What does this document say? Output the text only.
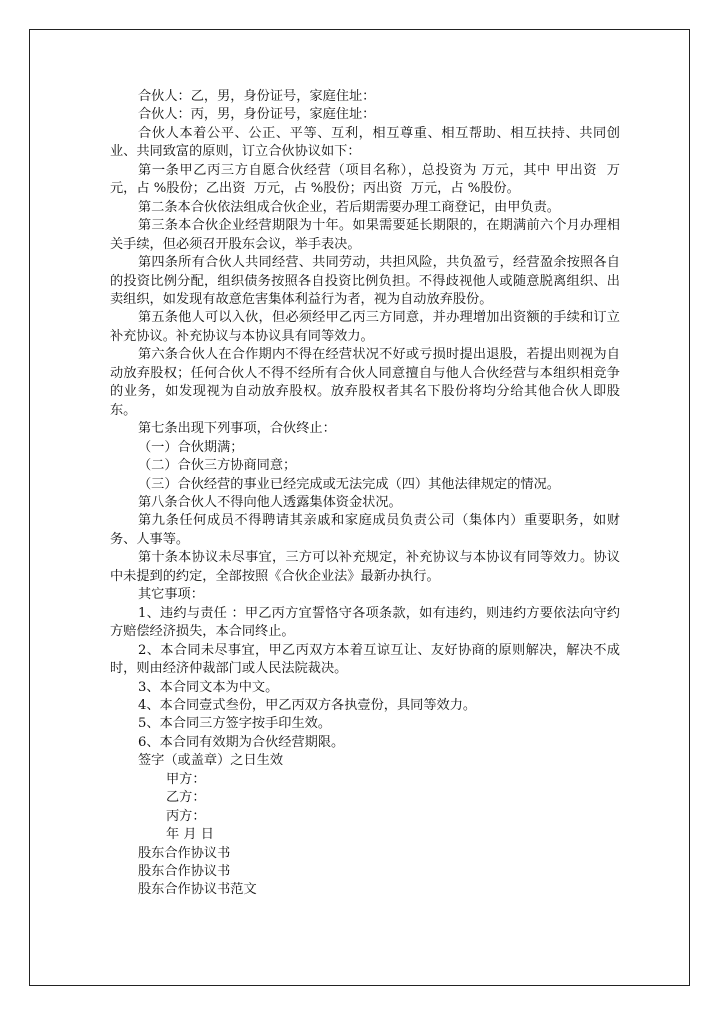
合伙人：乙，男，身份证号，家庭住址：

合伙人：丙，男，身份证号，家庭住址：

合伙人本着公平、公正、平等、互利，相互尊重、相互帮助、相互扶持、共同创业、共同致富的原则，订立合伙协议如下：

第一条甲乙丙三方自愿合伙经营（项目名称），总投资为 万元，其中 甲出资  万元，占 %股份；乙出资  万元，占 %股份；丙出资  万元，占 %股份。

第二条本合伙依法组成合伙企业，若后期需要办理工商登记，由甲负责。

第三条本合伙企业经营期限为十年。如果需要延长期限的，在期满前六个月办理相关手续，但必须召开股东会议，举手表决。

第四条所有合伙人共同经营、共同劳动，共担风险，共负盈亏，经营盈余按照各自的投资比例分配，组织债务按照各自投资比例负担。不得歧视他人或随意脱离组织、出卖组织，如发现有故意危害集体利益行为者，视为自动放弃股份。

第五条他人可以入伙，但必须经甲乙丙三方同意，并办理增加出资额的手续和订立补充协议。补充协议与本协议具有同等效力。

第六条合伙人在合作期内不得在经营状况不好或亏损时提出退股，若提出则视为自动放弃股权；任何合伙人不得不经所有合伙人同意擅自与他人合伙经营与本组织相竞争的业务，如发现视为自动放弃股权。放弃股权者其名下股份将均分给其他合伙人即股东。

第七条出现下列事项，合伙终止：

（一）合伙期满；

（二）合伙三方协商同意；

（三）合伙经营的事业已经完成或无法完成（四）其他法律规定的情况。

第八条合伙人不得向他人透露集体资金状况。

第九条任何成员不得聘请其亲戚和家庭成员负责公司（集体内）重要职务，如财务、人事等。

第十条本协议未尽事宜，三方可以补充规定，补充协议与本协议有同等效力。协议中未提到的约定，全部按照《合伙企业法》最新办执行。

其它事项：

1、违约与责任 ：甲乙丙方宜誓恪守各项条款，如有违约，则违约方要依法向守约方赔偿经济损失，本合同终止。

2、本合同未尽事宜，甲乙丙双方本着互谅互让、友好协商的原则解决，解决不成时，则由经济仲裁部门或人民法院裁决。

3、本合同文本为中文。

4、本合同壹式叁份，甲乙丙双方各执壹份，具同等效力。

5、本合同三方签字按手印生效。

6、本合同有效期为合伙经营期限。

签字（或盖章）之日生效

甲方：

乙方：

丙方：

年 月 日

股东合作协议书

股东合作协议书

股东合作协议书范文
